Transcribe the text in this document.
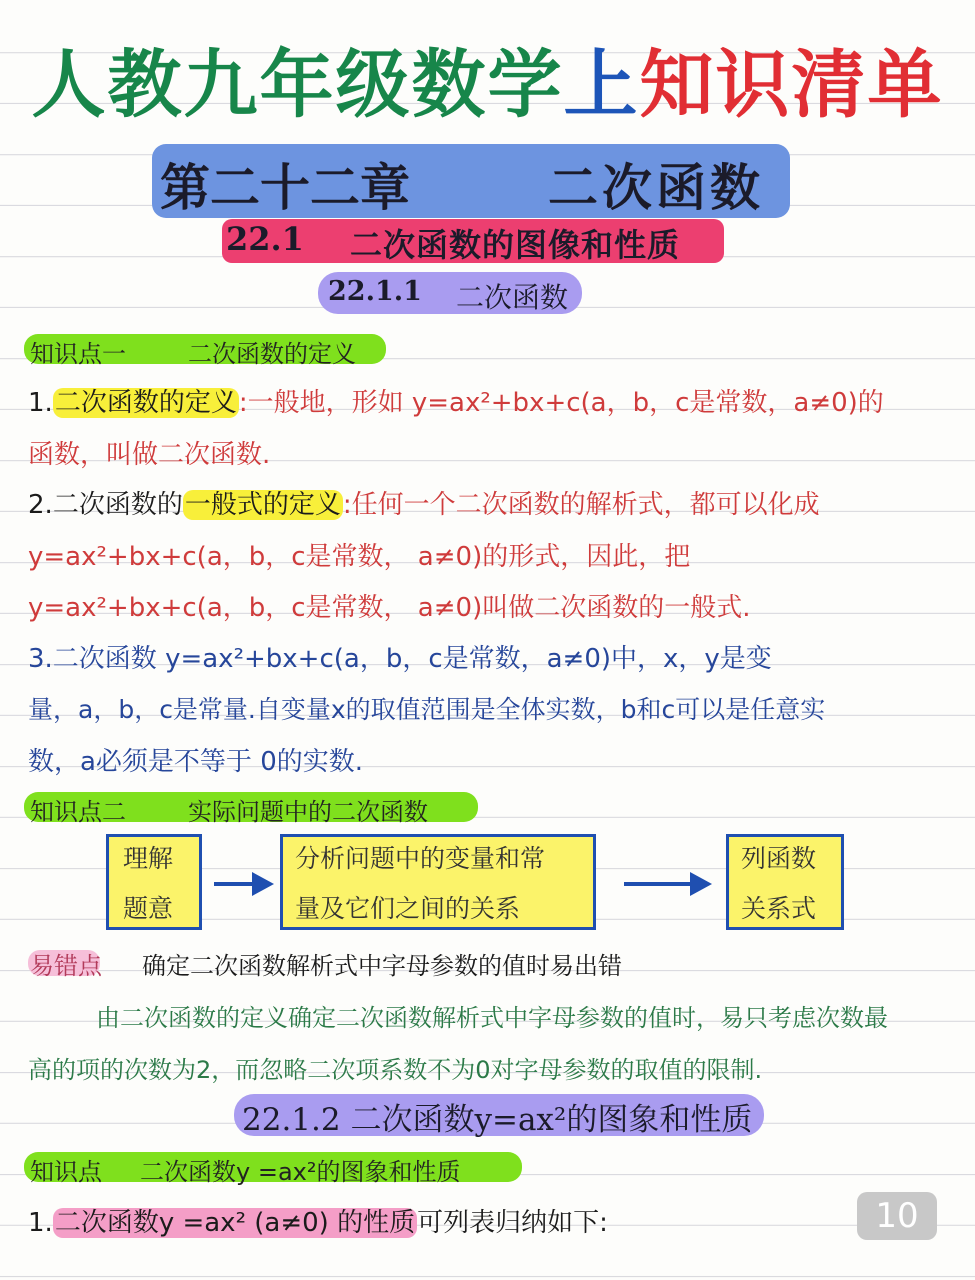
人教九年级数学上知识清单
第二十二章	二次函数
22.1 二次函数的图像和性质
22.1.1 二次函数
知识点一	二次函数的定义
1.二次函数的定义:一般地，形如 y=ax²+bx+c(a，b，c是常数，a≠0)的
函数，叫做二次函数.
2.二次函数的一般式的定义:任何一个二次函数的解析式，都可以化成
y=ax²+bx+c(a，b，c是常数， a≠0)的形式，因此，把
y=ax²+bx+c(a，b，c是常数， a≠0)叫做二次函数的一般式.
3.二次函数 y=ax²+bx+c(a，b，c是常数，a≠0)中，x，y是变
量，a，b，c是常量.自变量x的取值范围是全体实数，b和c可以是任意实
数，a必须是不等于 0的实数.
知识点二	实际问题中的二次函数
理解
题意
分析问题中的变量和常
量及它们之间的关系
列函数
关系式
易错点 确定二次函数解析式中字母参数的值时易出错
由二次函数的定义确定二次函数解析式中字母参数的值时，易只考虑次数最
高的项的次数为2，而忽略二次项系数不为0对字母参数的取值的限制.
22.1.2 二次函数y=ax²的图象和性质
知识点 二次函数y =ax²的图象和性质
1.二次函数y =ax² (a≠0) 的性质可列表归纳如下:	10
